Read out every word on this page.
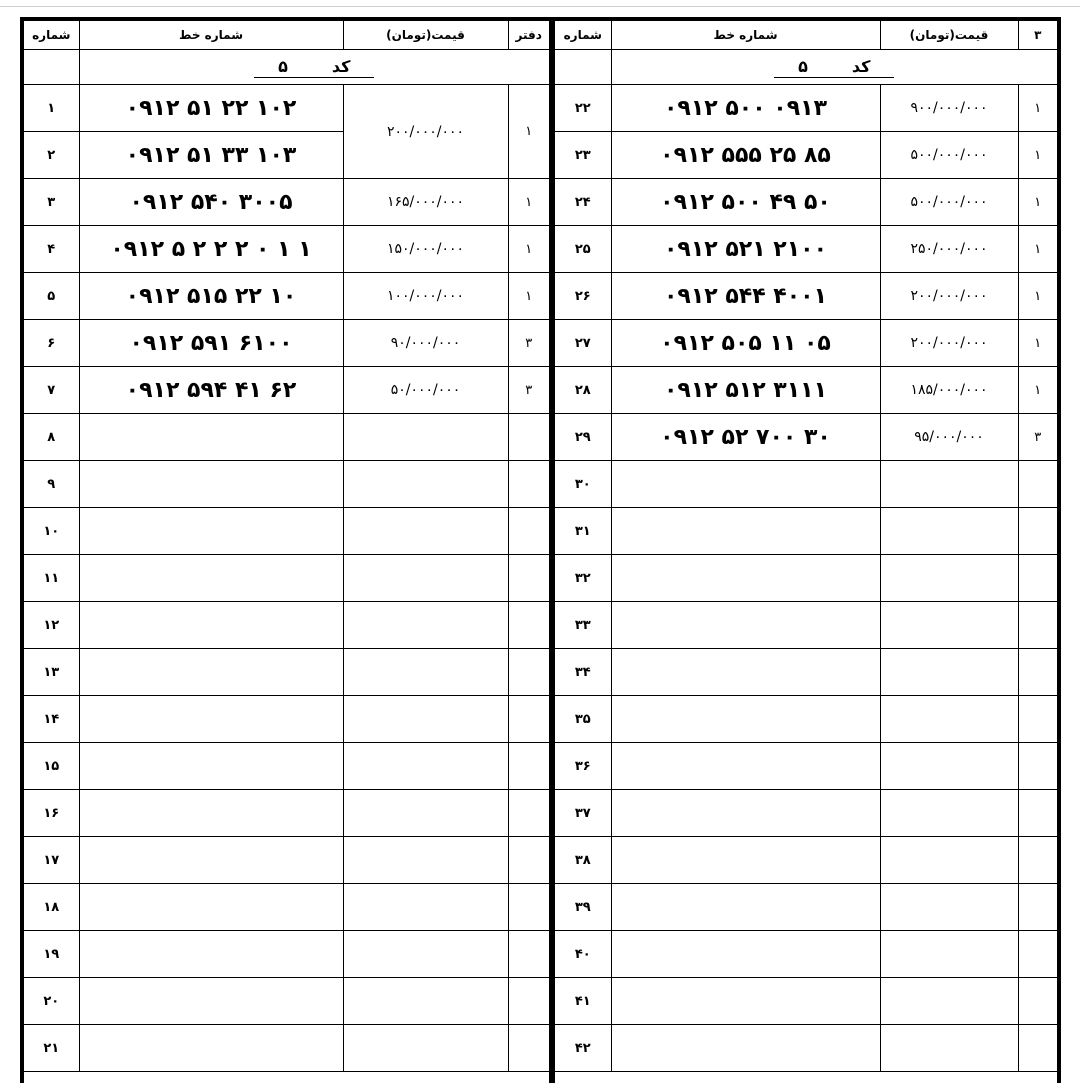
شماره	شماره خط	قیمت(تومان)	دفتر
	۵ کد		
۱	۰۹۱۲ ۵۱ ۲۲ ۱۰۲	۲۰۰/۰۰۰/۰۰۰	۱
۲	۰۹۱۲ ۵۱ ۳۳ ۱۰۳		
۳	۰۹۱۲ ۵۴۰ ۳۰۰۵	۱۶۵/۰۰۰/۰۰۰	۱
۴	۰۹۱۲ ۵ ۲ ۲ ۲ ۰ ۱ ۱	۱۵۰/۰۰۰/۰۰۰	۱
۵	۰۹۱۲ ۵۱۵ ۲۲ ۱۰	۱۰۰/۰۰۰/۰۰۰	۱
۶	۰۹۱۲ ۵۹۱ ۶۱۰۰	۹۰/۰۰۰/۰۰۰	۳
۷	۰۹۱۲ ۵۹۴ ۴۱ ۶۲	۵۰/۰۰۰/۰۰۰	۳
۸			
۹			
۱۰			
۱۱			
۱۲			
۱۳			
۱۴			
۱۵			
۱۶			
۱۷			
۱۸			
۱۹			
۲۰			
۲۱			
شماره	شماره خط	قیمت(تومان)	۳
	۵ کد		
۲۲	۰۹۱۲ ۵۰۰ ۰۹۱۳	۹۰۰/۰۰۰/۰۰۰	۱
۲۳	۰۹۱۲ ۵۵۵ ۲۵ ۸۵	۵۰۰/۰۰۰/۰۰۰	۱
۲۴	۰۹۱۲ ۵۰۰ ۴۹ ۵۰	۵۰۰/۰۰۰/۰۰۰	۱
۲۵	۰۹۱۲ ۵۲۱ ۲۱۰۰	۲۵۰/۰۰۰/۰۰۰	۱
۲۶	۰۹۱۲ ۵۴۴ ۴۰۰۱	۲۰۰/۰۰۰/۰۰۰	۱
۲۷	۰۹۱۲ ۵۰۵ ۱۱ ۰۵	۲۰۰/۰۰۰/۰۰۰	۱
۲۸	۰۹۱۲ ۵۱۲ ۳۱۱۱	۱۸۵/۰۰۰/۰۰۰	۱
۲۹	۰۹۱۲ ۵۲ ۷۰۰ ۳۰	۹۵/۰۰۰/۰۰۰	۳
۳۰			
۳۱			
۳۲			
۳۳			
۳۴			
۳۵			
۳۶			
۳۷			
۳۸			
۳۹			
۴۰			
۴۱			
۴۲			
